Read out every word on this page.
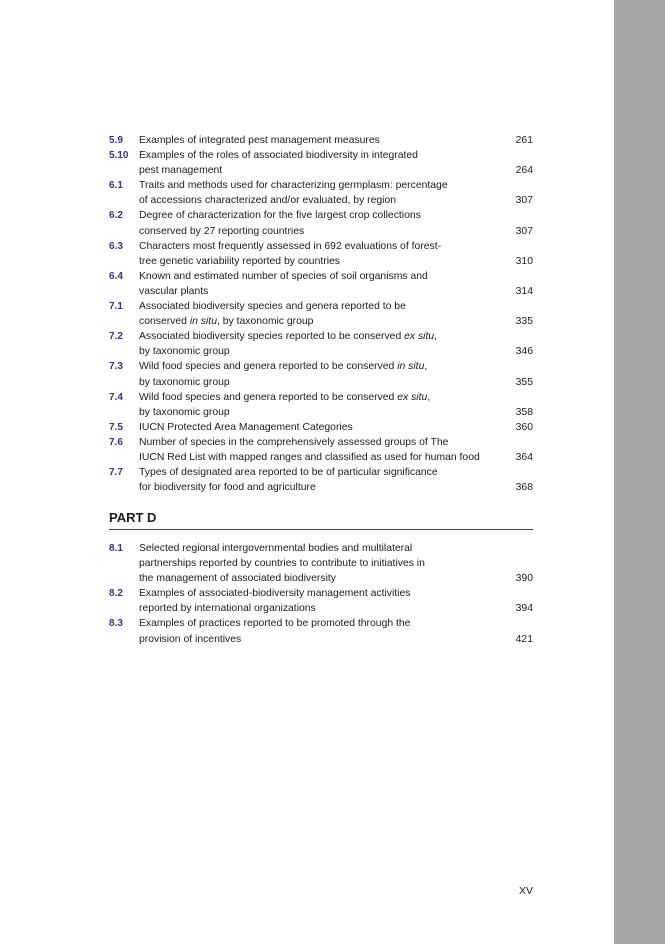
5.9	Examples of integrated pest management measures	261
5.10	Examples of the roles of associated biodiversity in integrated
pest management	264
6.1	Traits and methods used for characterizing germplasm: percentage
of accessions characterized and/or evaluated, by region	307
6.2	Degree of characterization for the five largest crop collections
conserved by 27 reporting countries	307
6.3	Characters most frequently assessed in 692 evaluations of forest-
tree genetic variability reported by countries	310
6.4	Known and estimated number of species of soil organisms and
vascular plants	314
7.1	Associated biodiversity species and genera reported to be
conserved in situ, by taxonomic group	335
7.2	Associated biodiversity species reported to be conserved ex situ,
by taxonomic group	346
7.3	Wild food species and genera reported to be conserved in situ,
by taxonomic group	355
7.4	Wild food species and genera reported to be conserved ex situ,
by taxonomic group	358
7.5	IUCN Protected Area Management Categories	360
7.6	Number of species in the comprehensively assessed groups of The
IUCN Red List with mapped ranges and classified as used for human food	364
7.7	Types of designated area reported to be of particular significance
for biodiversity for food and agriculture	368
PART D
8.1	Selected regional intergovernmental bodies and multilateral
partnerships reported by countries to contribute to initiatives in
the management of associated biodiversity	390
8.2	Examples of associated-biodiversity management activities
reported by international organizations	394
8.3	Examples of practices reported to be promoted through the
provision of incentives	421
XV
